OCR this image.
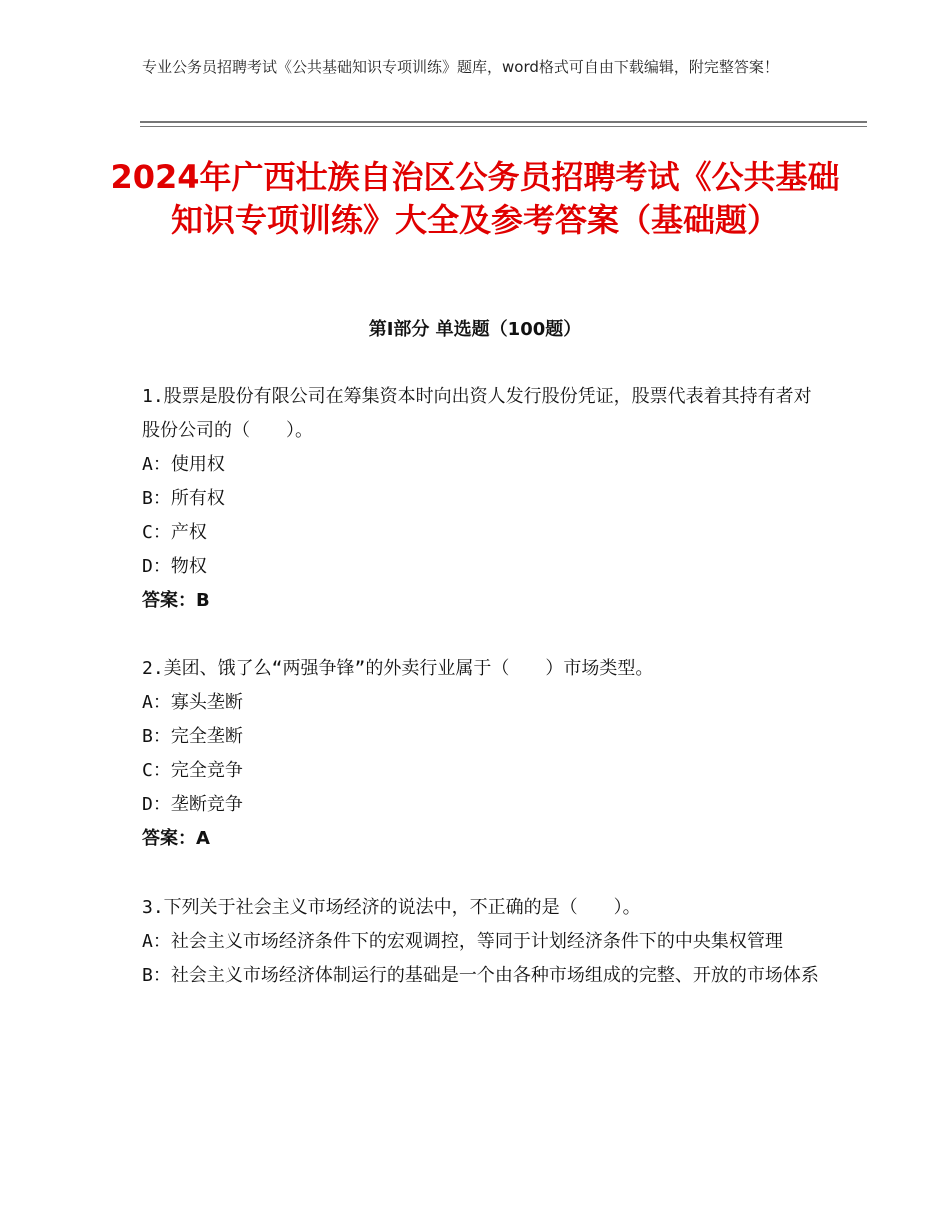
专业公务员招聘考试《公共基础知识专项训练》题库，word格式可自由下载编辑，附完整答案！
2024年广西壮族自治区公务员招聘考试《公共基础知识专项训练》大全及参考答案（基础题）
第Ⅰ部分 单选题（100题）

1.股票是股份有限公司在筹集资本时向出资人发行股份凭证，股票代表着其持有者对股份公司的（　　）。

A：使用权

B：所有权

C：产权

D：物权

答案：B

2.美团、饿了么“两强争锋”的外卖行业属于（　　）市场类型。

A：寡头垄断

B：完全垄断

C：完全竞争

D：垄断竞争

答案：A

3.下列关于社会主义市场经济的说法中，不正确的是（　　）。

A：社会主义市场经济条件下的宏观调控，等同于计划经济条件下的中央集权管理

B：社会主义市场经济体制运行的基础是一个由各种市场组成的完整、开放的市场体系
